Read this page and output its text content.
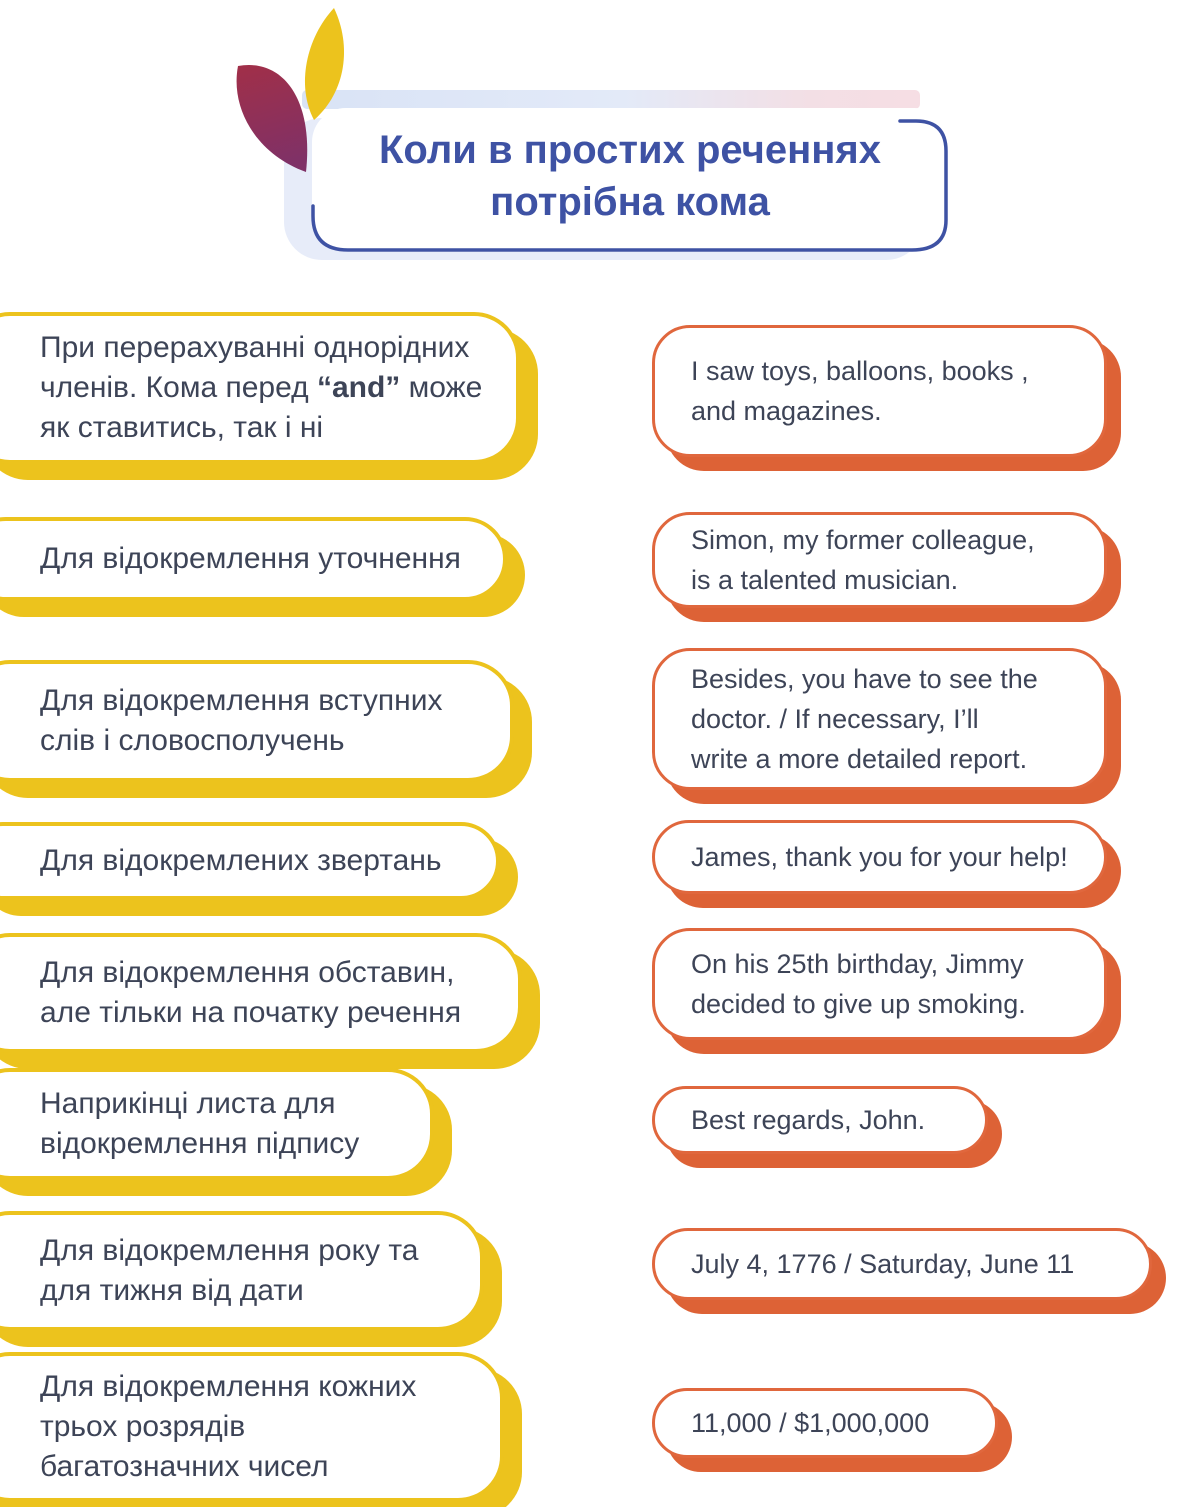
Коли в простих реченнях
потрібна кома
При перерахуванні однорідних
членів. Кома перед “and” може
як ставитись, так і ні
I saw toys, balloons, books ,
and magazines.
Для відокремлення уточнення
Simon, my former colleague,
is a talented musician.
Для відокремлення вступних
слів і словосполучень
Besides, you have to see the
doctor. / If necessary, I’ll
write a more detailed report.
Для відокремлених звертань	James, thank you for your help!
Для відокремлення обставин,
але тільки на початку речення
On his 25th birthday, Jimmy
decided to give up smoking.
Наприкінці листа для
відокремлення підпису
Best regards, John.
Для відокремлення року та
для тижня від дати
July 4, 1776 / Saturday, June 11
Для відокремлення кожних
трьох розрядів
багатозначних чисел
11,000 / $1,000,000
